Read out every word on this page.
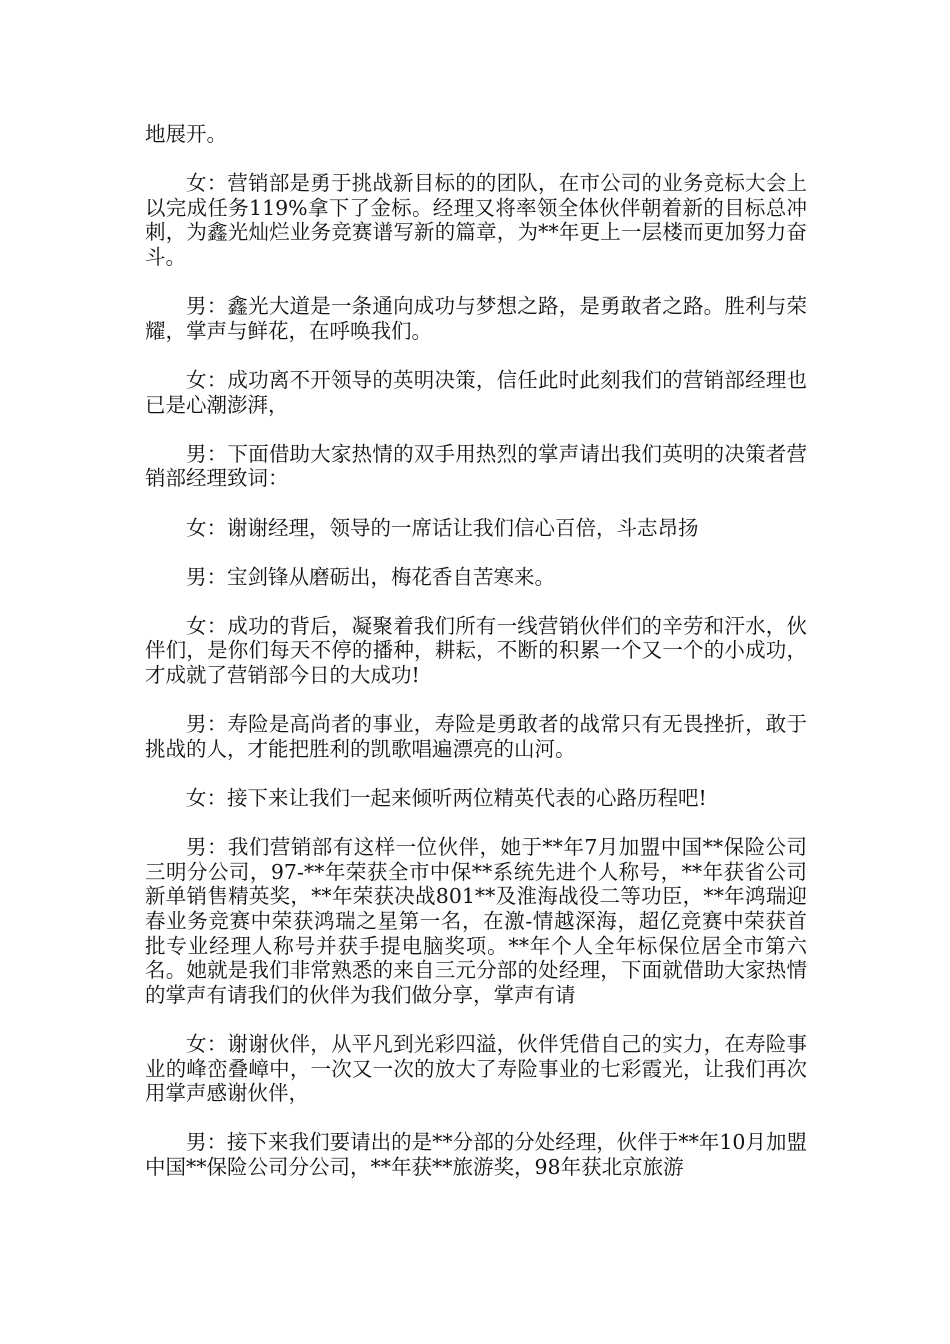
地展开。

女：营销部是勇于挑战新目标的的团队，在市公司的业务竞标大会上以完成任务119%拿下了金标。经理又将率领全体伙伴朝着新的目标总冲刺，为鑫光灿烂业务竞赛谱写新的篇章，为**年更上一层楼而更加努力奋斗。

男：鑫光大道是一条通向成功与梦想之路，是勇敢者之路。胜利与荣耀，掌声与鲜花，在呼唤我们。

女：成功离不开领导的英明决策，信任此时此刻我们的营销部经理也已是心潮澎湃，

男：下面借助大家热情的双手用热烈的掌声请出我们英明的决策者营销部经理致词：

女：谢谢经理，领导的一席话让我们信心百倍，斗志昂扬

男：宝剑锋从磨砺出，梅花香自苦寒来。

女：成功的背后，凝聚着我们所有一线营销伙伴们的辛劳和汗水，伙伴们，是你们每天不停的播种，耕耘，不断的积累一个又一个的小成功，才成就了营销部今日的大成功!

男：寿险是高尚者的事业，寿险是勇敢者的战常只有无畏挫折，敢于挑战的人，才能把胜利的凯歌唱遍漂亮的山河。

女：接下来让我们一起来倾听两位精英代表的心路历程吧!

男：我们营销部有这样一位伙伴，她于**年7月加盟中国**保险公司三明分公司，97-**年荣获全市中保**系统先进个人称号，**年获省公司新单销售精英奖，**年荣获决战801**及淮海战役二等功臣，**年鸿瑞迎春业务竞赛中荣获鸿瑞之星第一名，在激-情越深海，超亿竞赛中荣获首批专业经理人称号并获手提电脑奖项。**年个人全年标保位居全市第六名。她就是我们非常熟悉的来自三元分部的处经理，下面就借助大家热情的掌声有请我们的伙伴为我们做分享，掌声有请

女：谢谢伙伴，从平凡到光彩四溢，伙伴凭借自己的实力，在寿险事业的峰峦叠嶂中，一次又一次的放大了寿险事业的七彩霞光，让我们再次用掌声感谢伙伴，

男：接下来我们要请出的是**分部的分处经理，伙伴于**年10月加盟中国**保险公司分公司，**年获**旅游奖，98年获北京旅游
